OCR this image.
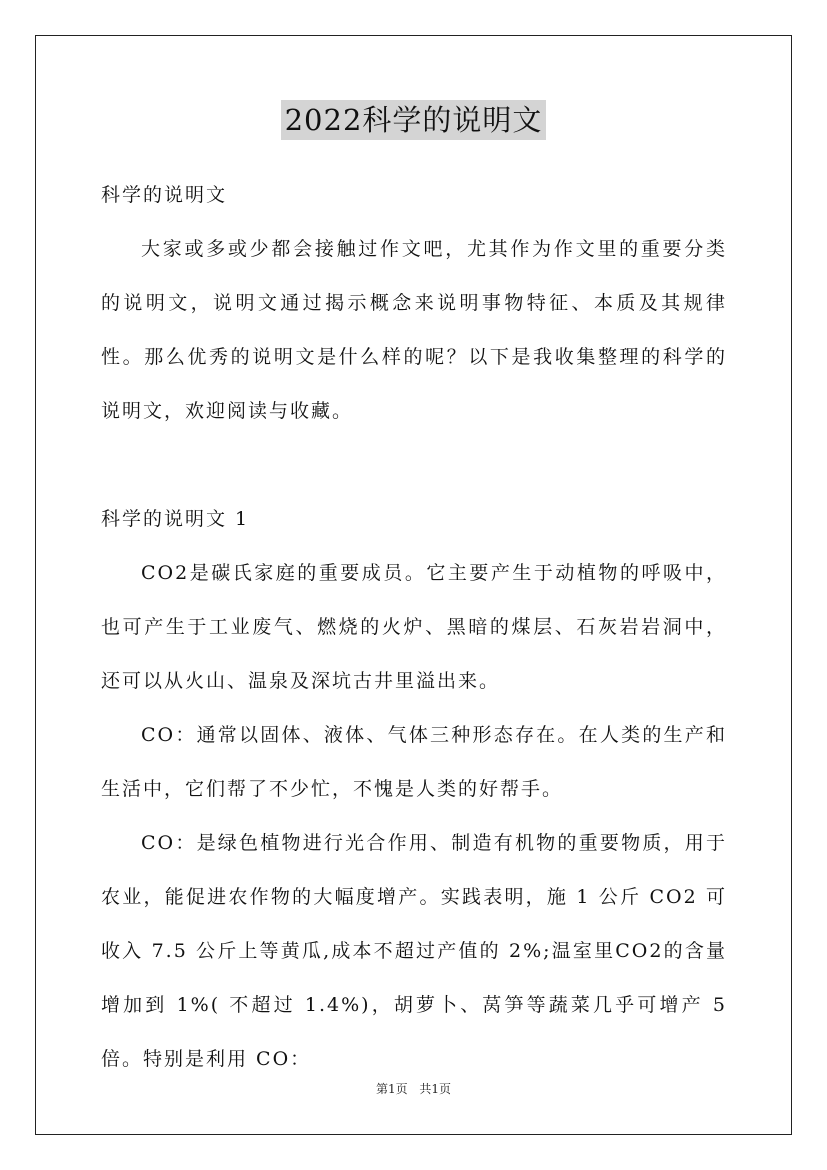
2022科学的说明文

科学的说明文

大家或多或少都会接触过作文吧，尤其作为作文里的重要分类的说明文，说明文通过揭示概念来说明事物特征、本质及其规律性。那么优秀的说明文是什么样的呢？以下是我收集整理的科学的说明文，欢迎阅读与收藏。

科学的说明文 1

CO2是碳氏家庭的重要成员。它主要产生于动植物的呼吸中，也可产生于工业废气、燃烧的火炉、黑暗的煤层、石灰岩岩洞中，还可以从火山、温泉及深坑古井里溢出来。

CO：通常以固体、液体、气体三种形态存在。在人类的生产和生活中，它们帮了不少忙，不愧是人类的好帮手。

CO：是绿色植物进行光合作用、制造有机物的重要物质，用于农业，能促进农作物的大幅度增产。实践表明，施 1 公斤 CO2 可收入 7.5 公斤上等黄瓜,成本不超过产值的 2%;温室里CO2的含量增加到 1%( 不超过 1.4%)，胡萝卜、莴笋等蔬菜几乎可增产 5 倍。特别是利用 CO：

第1页 共1页
